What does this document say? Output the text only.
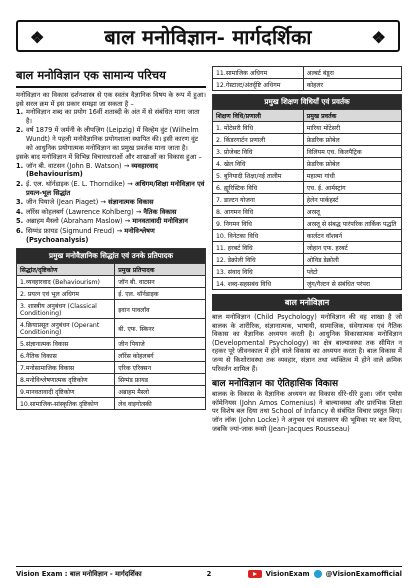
❖	बाल मनोविज्ञान- मार्गदर्शिका	❖
बाल मनोविज्ञान एक सामान्य परिचय

मनोविज्ञान का विकास दर्शनशास्त्र से एक स्वतंत्र वैज्ञानिक विषय के रूप में हुआ। इसे सरल क्रम में इस प्रकार समझा जा सकता है –

1. मनोविज्ञान शब्द का प्रयोग 16वीं शताब्दी के अंत में से संबंधित माना जाता है।
2. वर्ष 1879 में जर्मनी के लीपज़िग (Leipzig) में विल्हेम वुंट (Wilhelm Wundt) ने पहली मनोवैज्ञानिक प्रयोगशाला स्थापित की। इसी कारण वुंट को आधुनिक प्रयोगात्मक मनोविज्ञान का प्रमुख प्रवर्तक माना जाता है।

इसके बाद मनोविज्ञान में विभिन्न विचारधाराओं और शाखाओं का विकास हुआ –

1. जॉन बी. वाटसन (John B. Watson) → व्यवहारवाद (Behaviourism)
2. ई. एल. थॉर्नडाइक (E. L. Thorndike) → अधिगम/शिक्षा मनोविज्ञान एवं प्रयत्न-भूल सिद्धांत
3. जीन पियाजे (Jean Piaget) → संज्ञानात्मक विकास
4. लॉरेंस कोहलबर्ग (Lawrence Kohlberg) → नैतिक विकास
5. अब्राहम मैस्लो (Abraham Maslow) → मानवतावादी मनोविज्ञान
6. सिग्मंड फ्रायड (Sigmund Freud) → मनोविश्लेषण (Psychoanalysis)
प्रमुख मनोवैज्ञानिक सिद्धांत एवं उनके प्रतिपादक	
सिद्धांत/दृष्टिकोण	प्रमुख प्रतिपादक
1.व्यवहारवाद (Behaviourism)	जॉन बी. वाटसन
2. प्रयत्न एवं भूल अधिगम	ई. एल. थॉर्नडाइक
3. शास्त्रीय अनुबंधन (Classical Conditioning)	इवान पावलॉव
4.क्रियाप्रसूत अनुबंधन (Operant Conditioning)	बी. एफ. स्किनर
5.संज्ञानात्मक विकास	जीन पियाजे
6.नैतिक विकास	लॉरेंस कोहलबर्ग
7.मनोसामाजिक विकास	एरिक एरिक्सन
8.मनोविश्लेषणात्मक दृष्टिकोण	सिग्मंड फ्रायड
9.मानवतावादी दृष्टिकोण	अब्राहम मैस्लो
10.सामाजिक-सांस्कृतिक दृष्टिकोण	लेव वाइगोत्स्की
11.सामाजिक अधिगम	अल्बर्ट बंडूरा
12.गेस्टाल्ट/अंतर्दृष्टि अधिगम	कोहलर
प्रमुख शिक्षण विधियाँ एवं प्रवर्तक	
शिक्षण विधि/प्रणाली	प्रमुख प्रवर्तक
1. मोंटेसरी विधि	मारिया मोंटेसरी
2. किंडरगार्टन प्रणाली	फ्रेडरिक फ्रोबेल
3. प्रोजेक्ट विधि	विलियम एच. किलपैट्रिक
4. खेल विधि	फ्रेडरिक फ्रोबेल
5. बुनियादी शिक्षा/नई तालीम	महात्मा गांधी
6. ह्यूरिस्टिक विधि	एच. ई. आर्मस्ट्रांग
7. डाल्टन योजना	हेलेन पार्कहर्स्ट
8. आगमन विधि	अरस्तू
9. निगमन विधि	अरस्तू से संबद्ध पारंपरिक तार्किक पद्धति
10. विनेटका विधि	कार्लटन वॉशबर्न
11. हरबर्ट विधि	जोहान एफ. हरबर्ट
12. डेक्रोली विधि	ओविड डेक्रोली
13. संवाद विधि	प्लेटो
14. शब्द-सहसबंध विधि	जुंग/गैल्टन से संबंधित परंपरा
बाल मनोविज्ञान

बाल मनोविज्ञान (Child Psychology) मनोविज्ञान की वह शाखा है जो बालक के शारीरिक, संज्ञानात्मक, भाषायी, सामाजिक, संवेगात्मक एवं नैतिक विकास का वैज्ञानिक अध्ययन करती है। आधुनिक विकासात्मक मनोविज्ञान (Developmental Psychology) का क्षेत्र बाल्यावस्था तक सीमित न रहकर पूरे जीवनकाल में होने वाले विकास का अध्ययन करता है। बाल विकास में जन्म से किशोरावस्था तक व्यवहार, संज्ञान तथा व्यक्तित्व में होने वाले क्रमिक परिवर्तन शामिल हैं।

बाल मनोविज्ञान का ऐतिहासिक विकास

बालक के विकास के वैज्ञानिक अध्ययन का विकास धीरे-धीरे हुआ। जॉन एमोस कॉमेनियस (John Amos Comenius) ने बाल्यावस्था और प्रारंभिक शिक्षा पर विशेष बल दिया तथा School of Infancy से संबंधित विचार प्रस्तुत किए। जॉन लॉक (John Locke) ने अनुभव एवं वातावरण की भूमिका पर बल दिया, जबकि ज्यां-जाक रूसो (Jean-Jacques Rousseau)

Vision Exam : बाल मनोविज्ञान - मार्गदर्शिका	2	VisionExam @VisionExamofficial
